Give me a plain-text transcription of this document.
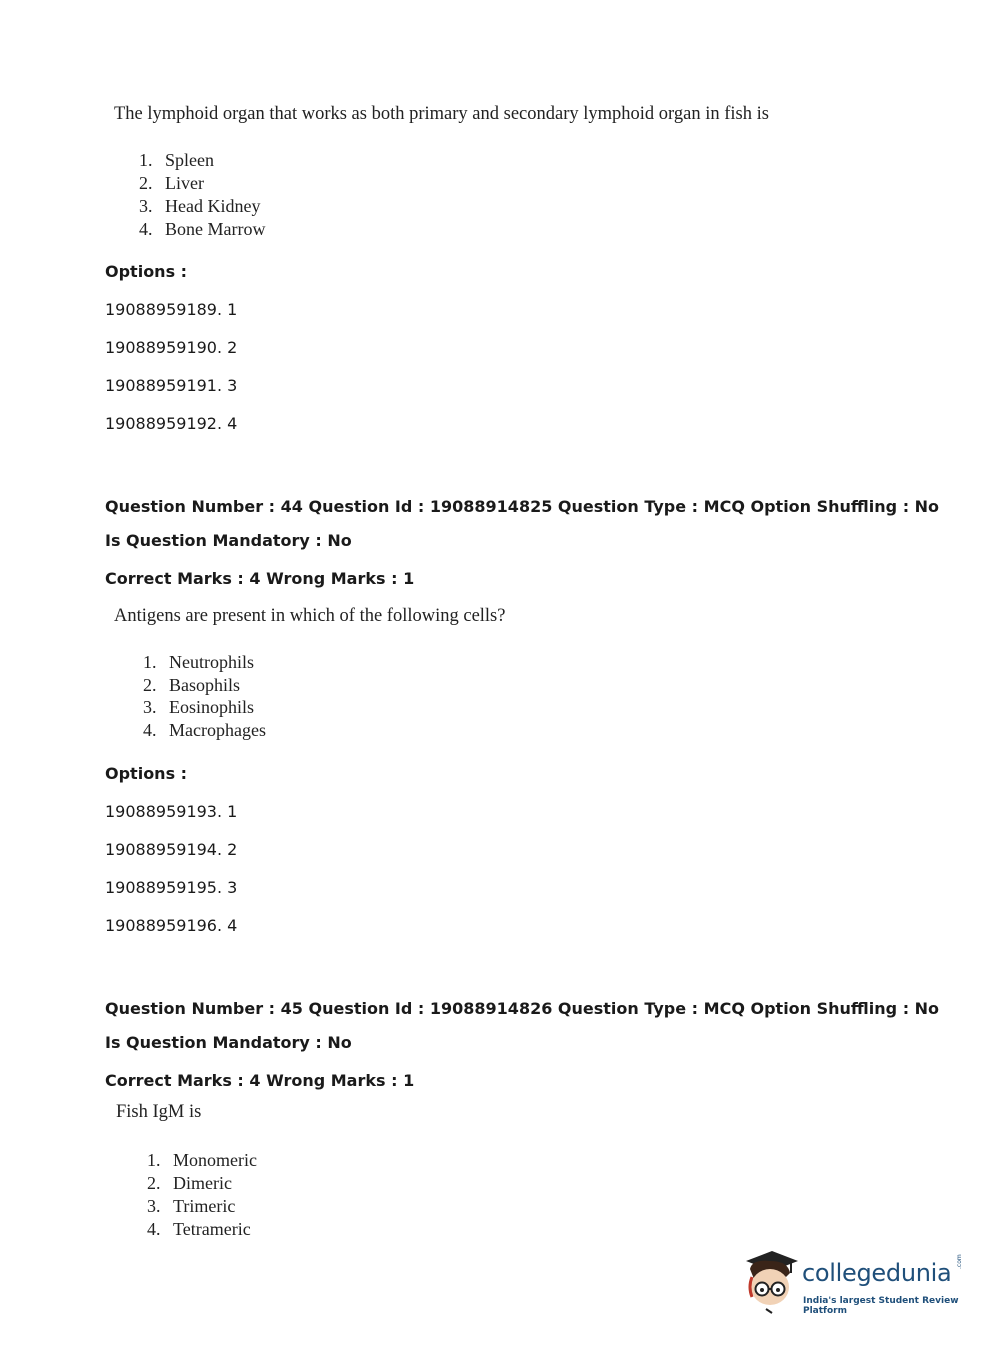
The lymphoid organ that works as both primary and secondary lymphoid organ in fish is
1. Spleen
2. Liver
3. Head Kidney
4. Bone Marrow
Options :
19088959189. 1
19088959190. 2
19088959191. 3
19088959192. 4
Question Number : 44 Question Id : 19088914825 Question Type : MCQ Option Shuffling : No
Is Question Mandatory : No
Correct Marks : 4 Wrong Marks : 1
Antigens are present in which of the following cells?
1. Neutrophils
2. Basophils
3. Eosinophils
4. Macrophages
Options :
19088959193. 1
19088959194. 2
19088959195. 3
19088959196. 4
Question Number : 45 Question Id : 19088914826 Question Type : MCQ Option Shuffling : No
Is Question Mandatory : No
Correct Marks : 4 Wrong Marks : 1
Fish IgM is
1. Monomeric
2. Dimeric
3. Trimeric
4. Tetrameric
collegedunia .com
India's largest Student Review Platform
